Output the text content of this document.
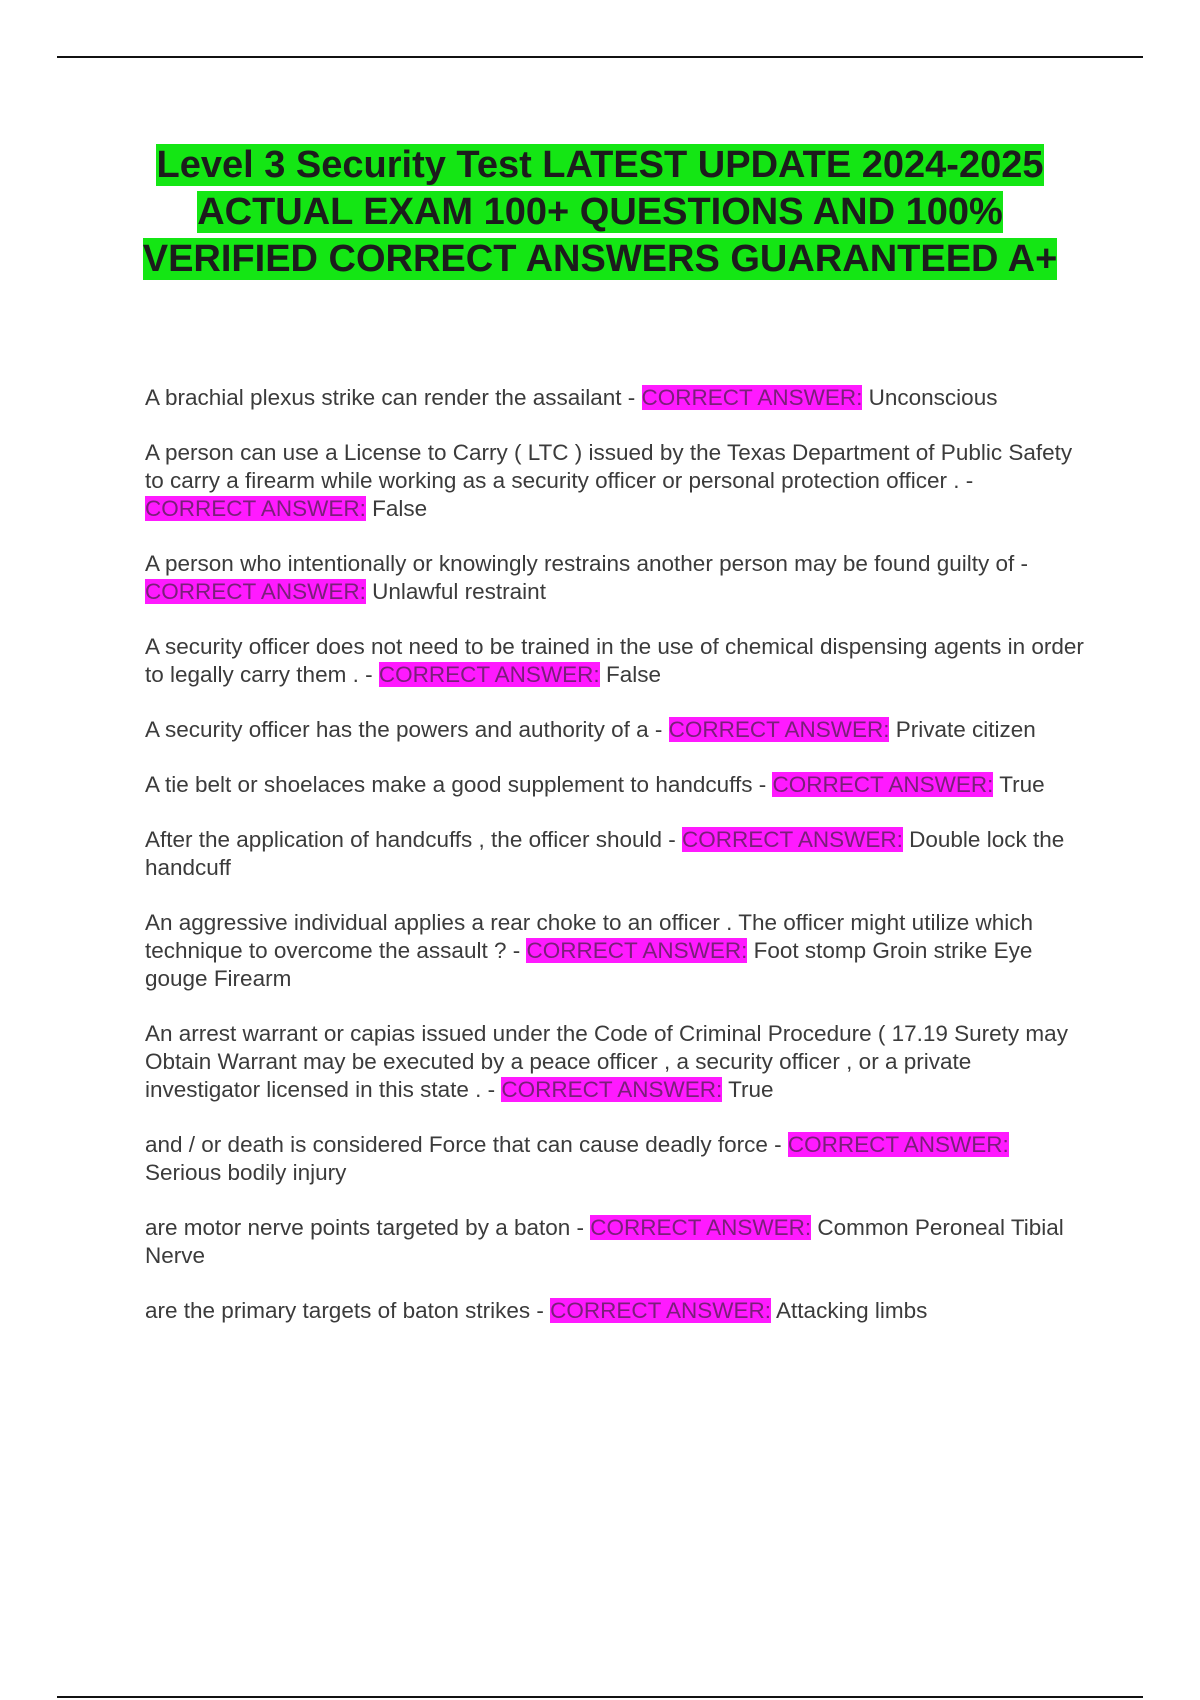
Level 3 Security Test LATEST UPDATE 2024-2025 ACTUAL EXAM 100+ QUESTIONS AND 100% VERIFIED CORRECT ANSWERS GUARANTEED A+

A brachial plexus strike can render the assailant - CORRECT ANSWER: Unconscious

A person can use a License to Carry ( LTC ) issued by the Texas Department of Public Safety to carry a firearm while working as a security officer or personal protection officer . - CORRECT ANSWER: False

A person who intentionally or knowingly restrains another person may be found guilty of - CORRECT ANSWER: Unlawful restraint

A security officer does not need to be trained in the use of chemical dispensing agents in order to legally carry them . - CORRECT ANSWER: False

A security officer has the powers and authority of a - CORRECT ANSWER: Private citizen

A tie belt or shoelaces make a good supplement to handcuffs - CORRECT ANSWER: True

After the application of handcuffs , the officer should - CORRECT ANSWER: Double lock the handcuff

An aggressive individual applies a rear choke to an officer . The officer might utilize which technique to overcome the assault ? - CORRECT ANSWER: Foot stomp Groin strike Eye gouge Firearm

An arrest warrant or capias issued under the Code of Criminal Procedure ( 17.19 Surety may Obtain Warrant may be executed by a peace officer , a security officer , or a private investigator licensed in this state . - CORRECT ANSWER: True

and / or death is considered Force that can cause deadly force - CORRECT ANSWER: Serious bodily injury

are motor nerve points targeted by a baton - CORRECT ANSWER: Common Peroneal Tibial Nerve

are the primary targets of baton strikes - CORRECT ANSWER: Attacking limbs
